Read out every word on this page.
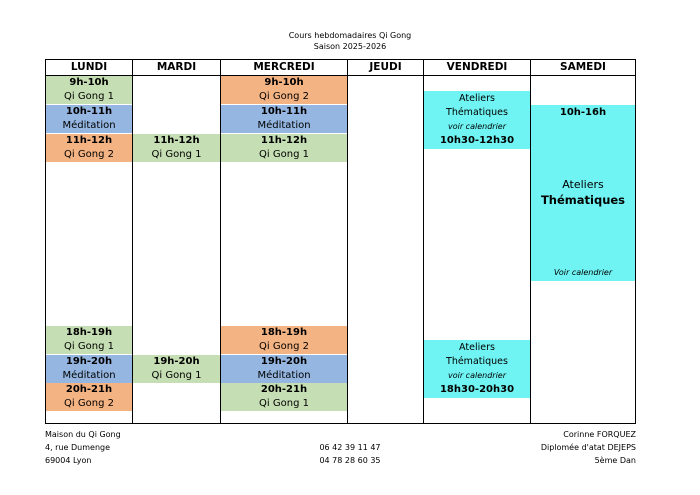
Cours hebdomadaires Qi Gong
Saison 2025-2026
LUNDI
9h-10h
Qi Gong 1
10h-11h
Méditation
11h-12h
Qi Gong 2
18h-19h
Qi Gong 1
19h-20h
Méditation
20h-21h
Qi Gong 2
MARDI
11h-12h
Qi Gong 1
19h-20h
Qi Gong 1
MERCREDI
9h-10h
Qi Gong 2
10h-11h
Méditation
11h-12h
Qi Gong 1
18h-19h
Qi Gong 2
19h-20h
Méditation
20h-21h
Qi Gong 1
JEUDI	VENDREDI
Ateliers
Thématiques
voir calendrier
10h30-12h30
Ateliers
Thématiques
voir calendrier
18h30-20h30
SAMEDI
10h-16h
Ateliers
Thématiques
Voir calendrier
Maison du Qi Gong
4, rue Dumenge
69004 Lyon
06 42 39 11 47
04 78 28 60 35
Corinne FORQUEZ
Diplomée d'atat DEJEPS
5ème Dan
